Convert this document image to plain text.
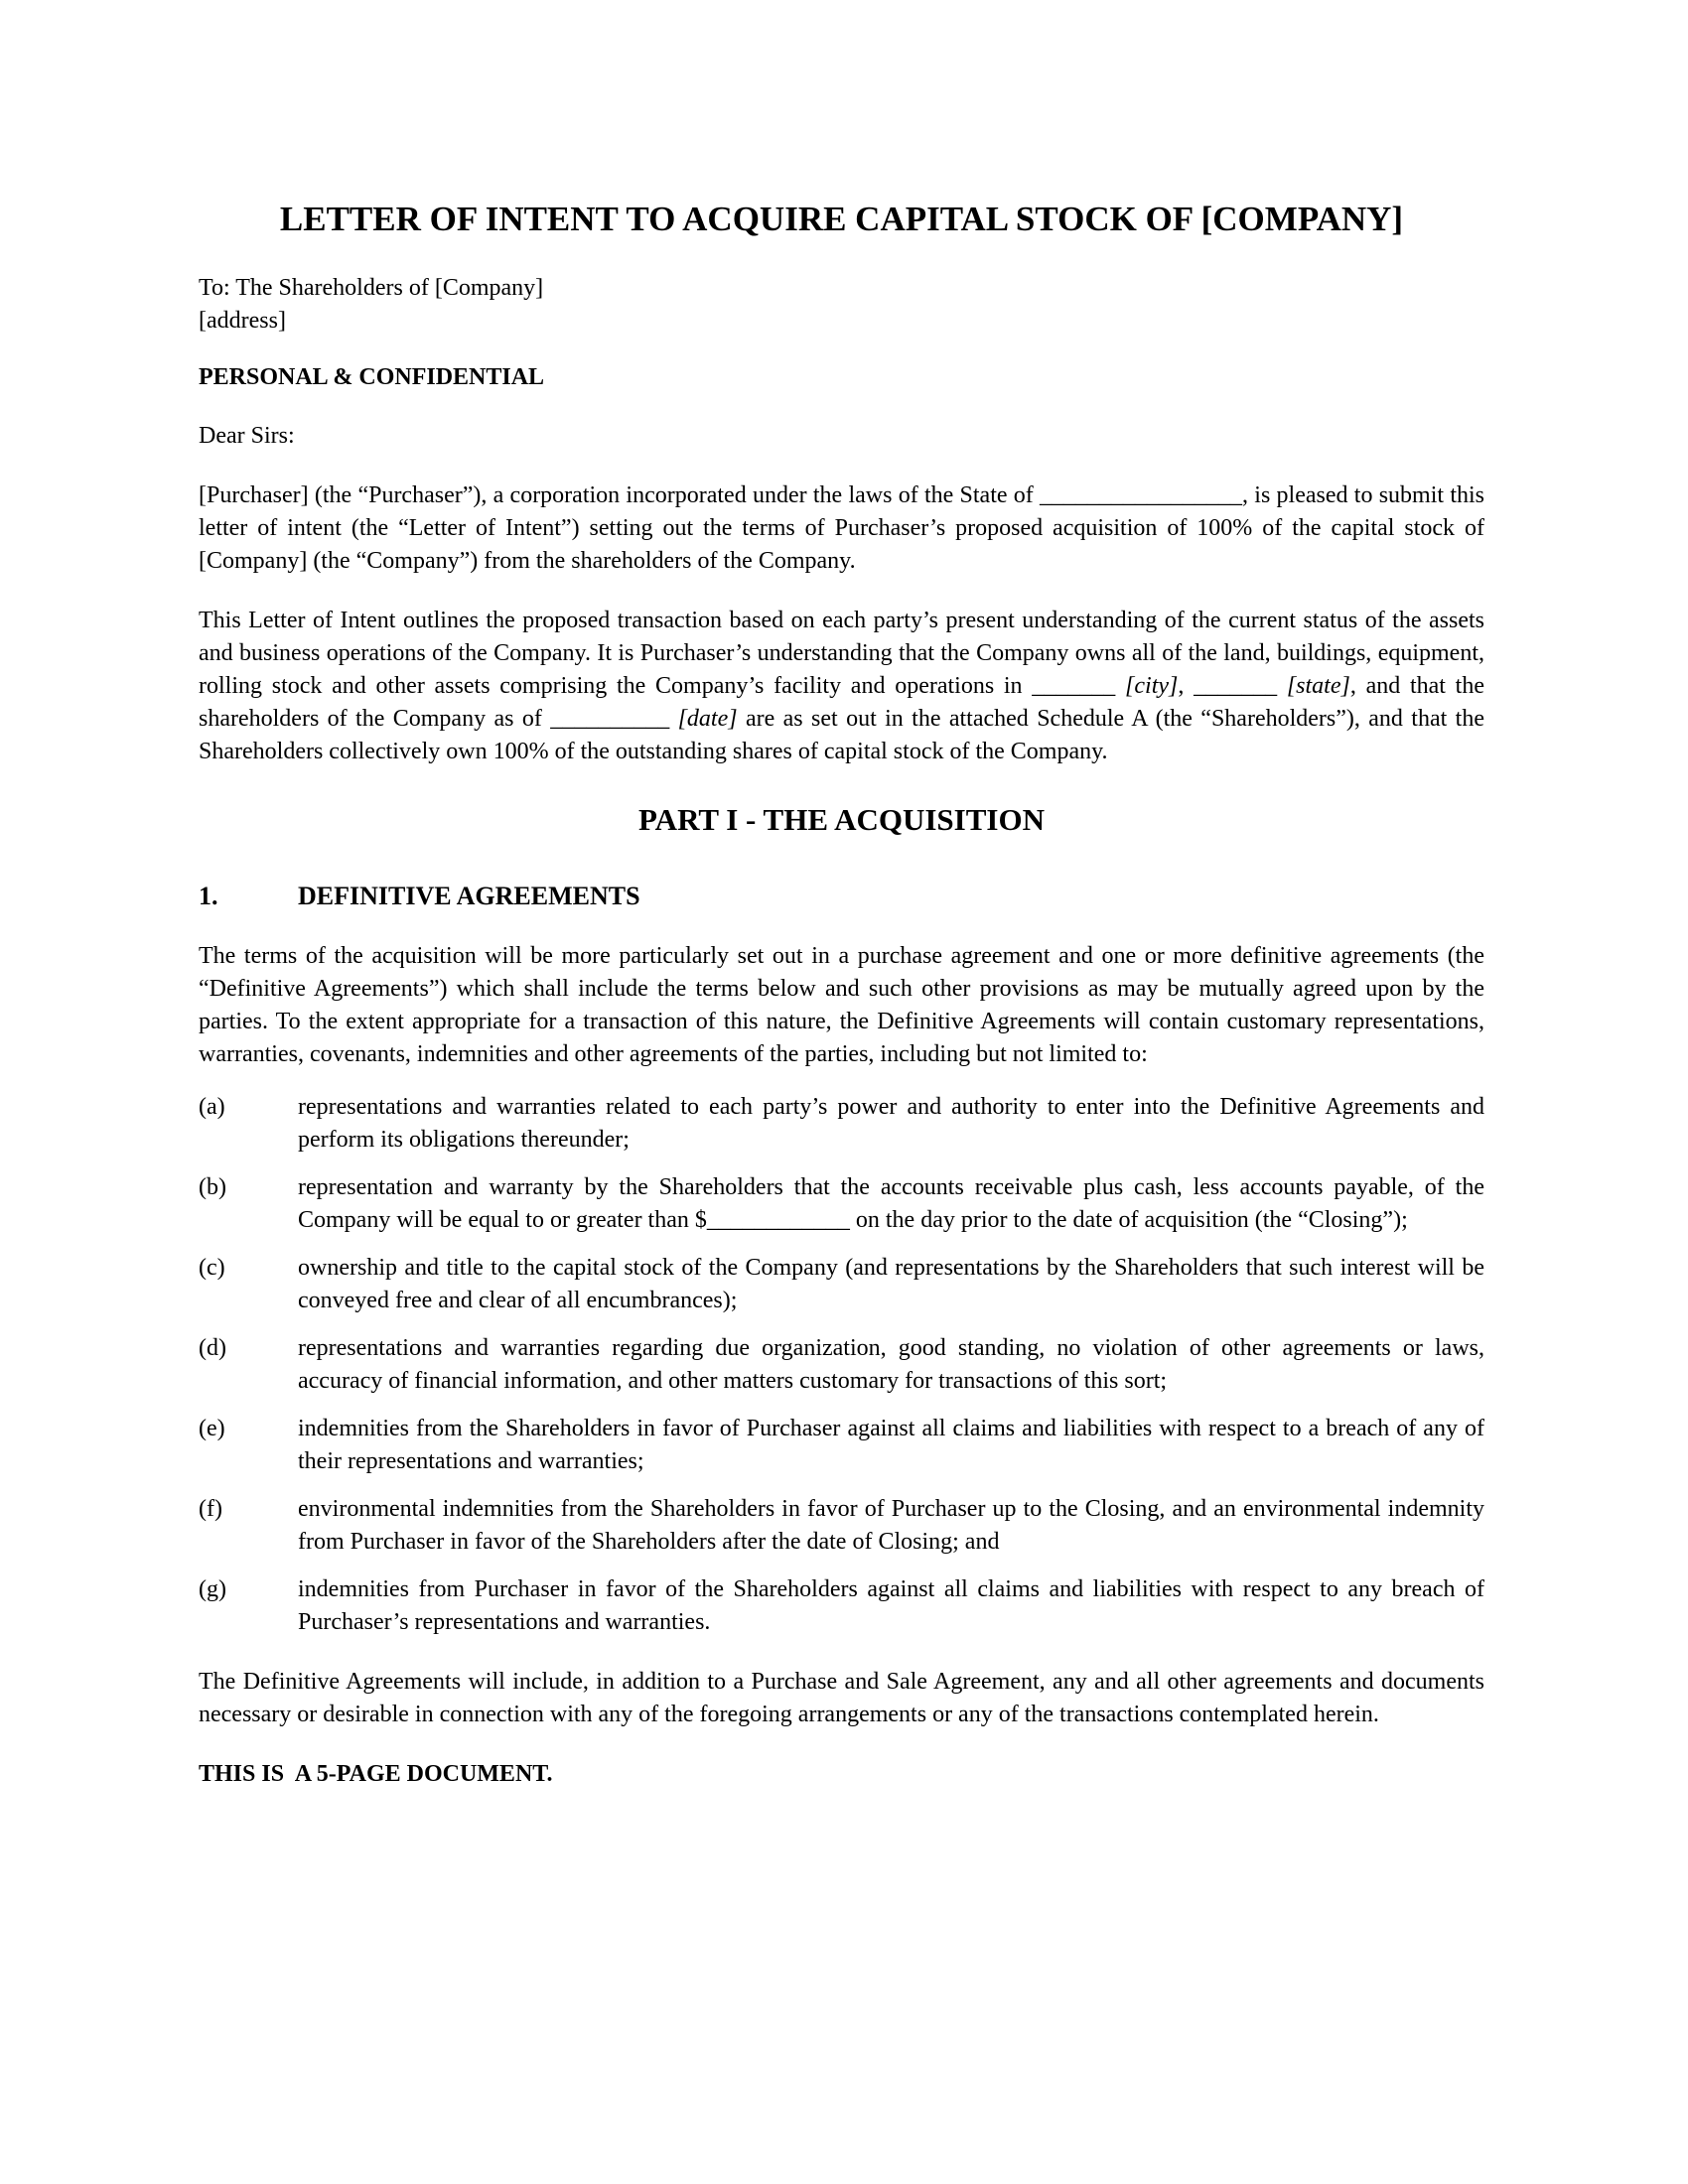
LETTER OF INTENT TO ACQUIRE CAPITAL STOCK OF [COMPANY]
To: The Shareholders of [Company]
[address]
PERSONAL & CONFIDENTIAL
Dear Sirs:

[Purchaser] (the “Purchaser”), a corporation incorporated under the laws of the State of _________________, is pleased to submit this letter of intent (the “Letter of Intent”) setting out the terms of Purchaser’s proposed acquisition of 100% of the capital stock of [Company] (the “Company”) from the shareholders of the Company.

This Letter of Intent outlines the proposed transaction based on each party’s present understanding of the current status of the assets and business operations of the Company. It is Purchaser’s understanding that the Company owns all of the land, buildings, equipment, rolling stock and other assets comprising the Company’s facility and operations in _______ [city], _______ [state], and that the shareholders of the Company as of __________ [date] are as set out in the attached Schedule A (the “Shareholders”), and that the Shareholders collectively own 100% of the outstanding shares of capital stock of the Company.

PART I - THE ACQUISITION
1.	DEFINITIVE AGREEMENTS

The terms of the acquisition will be more particularly set out in a purchase agreement and one or more definitive agreements (the “Definitive Agreements”) which shall include the terms below and such other provisions as may be mutually agreed upon by the parties. To the extent appropriate for a transaction of this nature, the Definitive Agreements will contain customary representations, warranties, covenants, indemnities and other agreements of the parties, including but not limited to:

(a)	representations and warranties related to each party’s power and authority to enter into the Definitive Agreements and perform its obligations thereunder;
(b)	representation and warranty by the Shareholders that the accounts receivable plus cash, less accounts payable, of the Company will be equal to or greater than $____________ on the day prior to the date of acquisition (the “Closing”);
(c)	ownership and title to the capital stock of the Company (and representations by the Shareholders that such interest will be conveyed free and clear of all encumbrances);
(d)	representations and warranties regarding due organization, good standing, no violation of other agreements or laws, accuracy of financial information, and other matters customary for transactions of this sort;
(e)	indemnities from the Shareholders in favor of Purchaser against all claims and liabilities with respect to a breach of any of their representations and warranties;
(f)	environmental indemnities from the Shareholders in favor of Purchaser up to the Closing, and an environmental indemnity from Purchaser in favor of the Shareholders after the date of Closing; and
(g)	indemnities from Purchaser in favor of the Shareholders against all claims and liabilities with respect to any breach of Purchaser’s representations and warranties.

The Definitive Agreements will include, in addition to a Purchase and Sale Agreement, any and all other agreements and documents necessary or desirable in connection with any of the foregoing arrangements or any of the transactions contemplated herein.

THIS IS  A 5-PAGE DOCUMENT.
